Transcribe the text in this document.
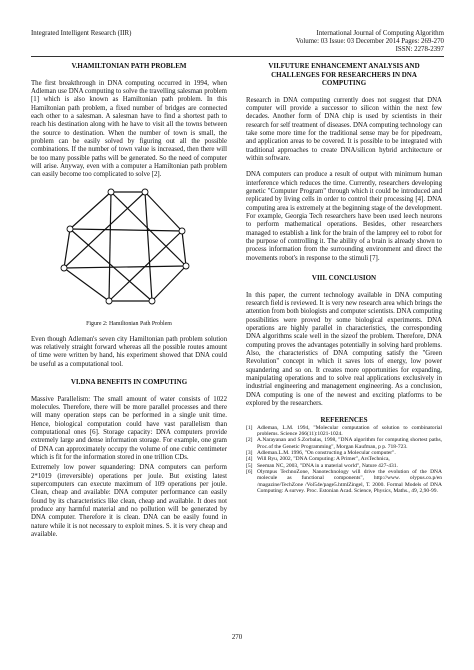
Integrated Intelligent Research (IIR)	International Journal of Computing Algorithm
Volume: 03 Issue: 03 December 2014 Pages: 269-270
ISSN: 2278-2397
V.HAMILTONIAN PATH PROBLEM

The first breakthrough in DNA computing occurred in 1994, when Adleman use DNA computing to solve the travelling salesman problem [1] which is also known as Hamiltonian path problem. In this Hamiltonian path problem, a fixed number of bridges are connected each other to a salesman. A salesman have to find a shortest path to reach his destination along with he have to visit all the towns between the source to destination. When the number of town is small, the problem can be easily solved by figuring out all the possible combinations. If the number of town value is increased, then there will be too many possible paths will be generated. So the need of computer will arise. Anyway, even with a computer a Hamiltonian path problem can easily become too complicated to solve [2].

Figure 2: Hamiltonian Path Problem

Even though Adleman's seven city Hamiltonian path problem solution was relatively straight forward whereas all the possible routes amount of time were written by hand, his experiment showed that DNA could be useful as a computational tool.

VI.DNA BENEFITS IN COMPUTING

Massive Parallelism: The small amount of water consists of 1022 molecules. Therefore, there will be more parallel processes and there will many operation steps can be performed in a single unit time. Hence, biological computation could have vast parallelism than computational ones [6]. Storage capacity: DNA computers provide extremely large and dense information storage. For example, one gram of DNA can approximately occupy the volume of one cubic centimeter which is fit for the information stored in one trillion CDs.

Extremely low power squandering: DNA computers can perform 2*1019 (irreversible) operations per joule. But existing latest supercomputers can execute maximum of 109 operations per joule. Clean, cheap and available: DNA computer performance can easily found by its characteristics like clean, cheap and available. It does not produce any harmful material and no pollution will be generated by DNA computer. Therefore it is clean. DNA can be easily found in nature while it is not necessary to exploit mines. S. it is very cheap and available.

VII.FUTURE ENHANCEMENT ANALYSIS AND
CHALLENGES FOR RESEARCHERS IN DNA
COMPUTING

Research in DNA computing currently does not suggest that DNA computer will provide a successor to silicon within the next few decades. Another form of DNA chip is used by scientists in their research for self treatment of diseases. DNA computing technology can take some more time for the traditional sense may be for pipedream, and application areas to be covered. It is possible to be integrated with traditional approaches to create DNA/silicon hybrid architecture or within software.

DNA computers can produce a result of output with minimum human interference which reduces the time. Currently, researchers developing genetic "Computer Program" through which it could be introduced and replicated by living cells in order to control their processing [4]. DNA computing area is extremely at the beginning stage of the development. For example, Georgia Tech researchers have been used leech neurons to perform mathematical operations. Besides, other researchers managed to establish a link for the brain of the lamprey eel to robot for the purpose of controlling it. The ability of a brain is already shown to process information from the surrounding environment and direct the movements robot's in response to the stimuli [7].

VIII. CONCLUSION

In this paper, the current technology available in DNA computing research field is reviewed. It is very new research area which brings the attention from both biologists and computer scientists. DNA computing possibilities were proved by some biological experiments. DNA operations are highly parallel in characteristics, the corresponding DNA algorithms scale well in the sizeof the problem. Therefore, DNA computing proves the advantages potentially in solving hard problems. Also, the characteristics of DNA computing satisfy the "Green Revolution" concept in which it saves lots of energy, low power squandering and so on. It creates more opportunities for expanding, manipulating operations and to solve real applications exclusively in industrial engineering and management engineering. As a conclusion, DNA computing is one of the newest and exciting platforms to be explored by the researchers.

REFERENCES
[1] Adleman, L.M. 1994, "Molecular computation of solution to combinatorial problems. Science 266(11):1021-1024.
[2] A.Narayanan and S.Zorbalas, 1998, "DNA algorithm for computing shortest paths, Proc.of the Genetic Programming", Morgan Kaufman, p p. 718-723.
[3] Adleman.L.M. 1996, "On constructing a Molecular computer".
[4] Will Ryu, 2002, "DNA Computing: A Primer", ArsTechnica,
[5] Seeman NC, 2003, "DNA in a material world", Nature 427-431.
[6] Olympus TechnoZone, Nanotechnology will drive the evolution of the DNA molecule as functional components", http://www. olypus.co.p/en /magazine/TechZone /Vol54e/page5.htmlZingel, T. 2000. Formal Models of DNA Computing: A survey. Proc. Estonian Acad. Science, Physics, Maths., 49, 2,90-99.
270
